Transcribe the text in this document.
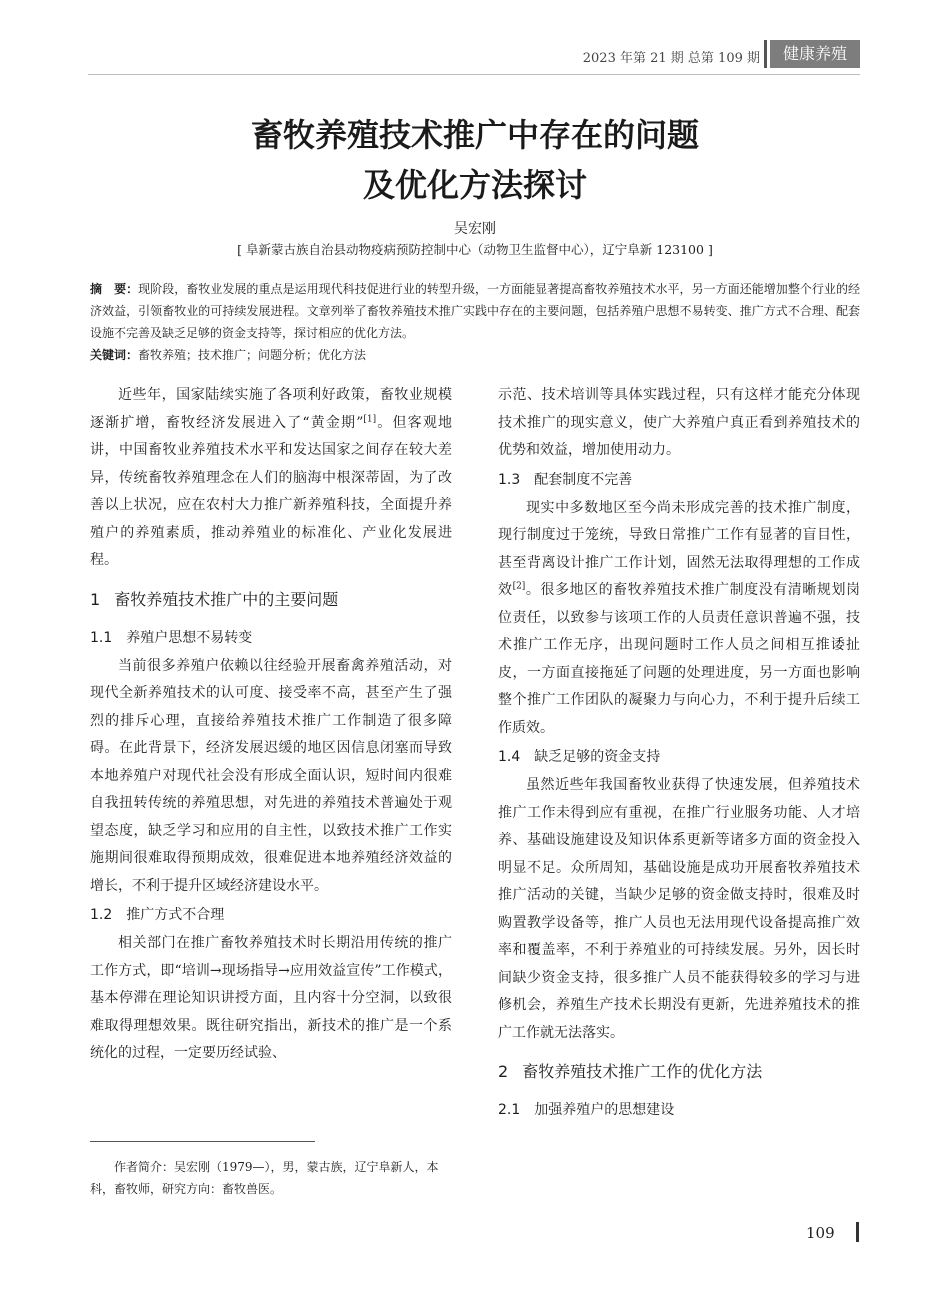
2023 年第 21 期 总第 109 期	健康养殖
畜牧养殖技术推广中存在的问题
及优化方法探讨
吴宏刚
[ 阜新蒙古族自治县动物疫病预防控制中心（动物卫生监督中心），辽宁阜新 123100 ]
摘　要：现阶段，畜牧业发展的重点是运用现代科技促进行业的转型升级，一方面能显著提高畜牧养殖技术水平，另一方面还能增加整个行业的经济效益，引领畜牧业的可持续发展进程。文章列举了畜牧养殖技术推广实践中存在的主要问题，包括养殖户思想不易转变、推广方式不合理、配套设施不完善及缺乏足够的资金支持等，探讨相应的优化方法。
关键词：畜牧养殖；技术推广；问题分析；优化方法

近些年，国家陆续实施了各项利好政策，畜牧业规模逐渐扩增，畜牧经济发展进入了“黄金期”[1]。但客观地讲，中国畜牧业养殖技术水平和发达国家之间存在较大差异，传统畜牧养殖理念在人们的脑海中根深蒂固，为了改善以上状况，应在农村大力推广新养殖科技，全面提升养殖户的养殖素质，推动养殖业的标准化、产业化发展进程。

1 畜牧养殖技术推广中的主要问题

1.1 养殖户思想不易转变

当前很多养殖户依赖以往经验开展畜禽养殖活动，对现代全新养殖技术的认可度、接受率不高，甚至产生了强烈的排斥心理，直接给养殖技术推广工作制造了很多障碍。在此背景下，经济发展迟缓的地区因信息闭塞而导致本地养殖户对现代社会没有形成全面认识，短时间内很难自我扭转传统的养殖思想，对先进的养殖技术普遍处于观望态度，缺乏学习和应用的自主性，以致技术推广工作实施期间很难取得预期成效，很难促进本地养殖经济效益的增长，不利于提升区域经济建设水平。

1.2 推广方式不合理

相关部门在推广畜牧养殖技术时长期沿用传统的推广工作方式，即“培训→现场指导→应用效益宣传”工作模式，基本停滞在理论知识讲授方面，且内容十分空洞，以致很难取得理想效果。既往研究指出，新技术的推广是一个系统化的过程，一定要历经试验、

作者简介：吴宏刚（1979—），男，蒙古族，辽宁阜新人，本科，畜牧师，研究方向：畜牧兽医。

示范、技术培训等具体实践过程，只有这样才能充分体现技术推广的现实意义，使广大养殖户真正看到养殖技术的优势和效益，增加使用动力。

1.3 配套制度不完善

现实中多数地区至今尚未形成完善的技术推广制度，现行制度过于笼统，导致日常推广工作有显著的盲目性，甚至背离设计推广工作计划，固然无法取得理想的工作成效[2]。很多地区的畜牧养殖技术推广制度没有清晰规划岗位责任，以致参与该项工作的人员责任意识普遍不强，技术推广工作无序，出现问题时工作人员之间相互推诿扯皮，一方面直接拖延了问题的处理进度，另一方面也影响整个推广工作团队的凝聚力与向心力，不利于提升后续工作质效。

1.4 缺乏足够的资金支持

虽然近些年我国畜牧业获得了快速发展，但养殖技术推广工作未得到应有重视，在推广行业服务功能、人才培养、基础设施建设及知识体系更新等诸多方面的资金投入明显不足。众所周知，基础设施是成功开展畜牧养殖技术推广活动的关键，当缺少足够的资金做支持时，很难及时购置教学设备等，推广人员也无法用现代设备提高推广效率和覆盖率，不利于养殖业的可持续发展。另外，因长时间缺少资金支持，很多推广人员不能获得较多的学习与进修机会，养殖生产技术长期没有更新，先进养殖技术的推广工作就无法落实。

2 畜牧养殖技术推广工作的优化方法

2.1 加强养殖户的思想建设

109
